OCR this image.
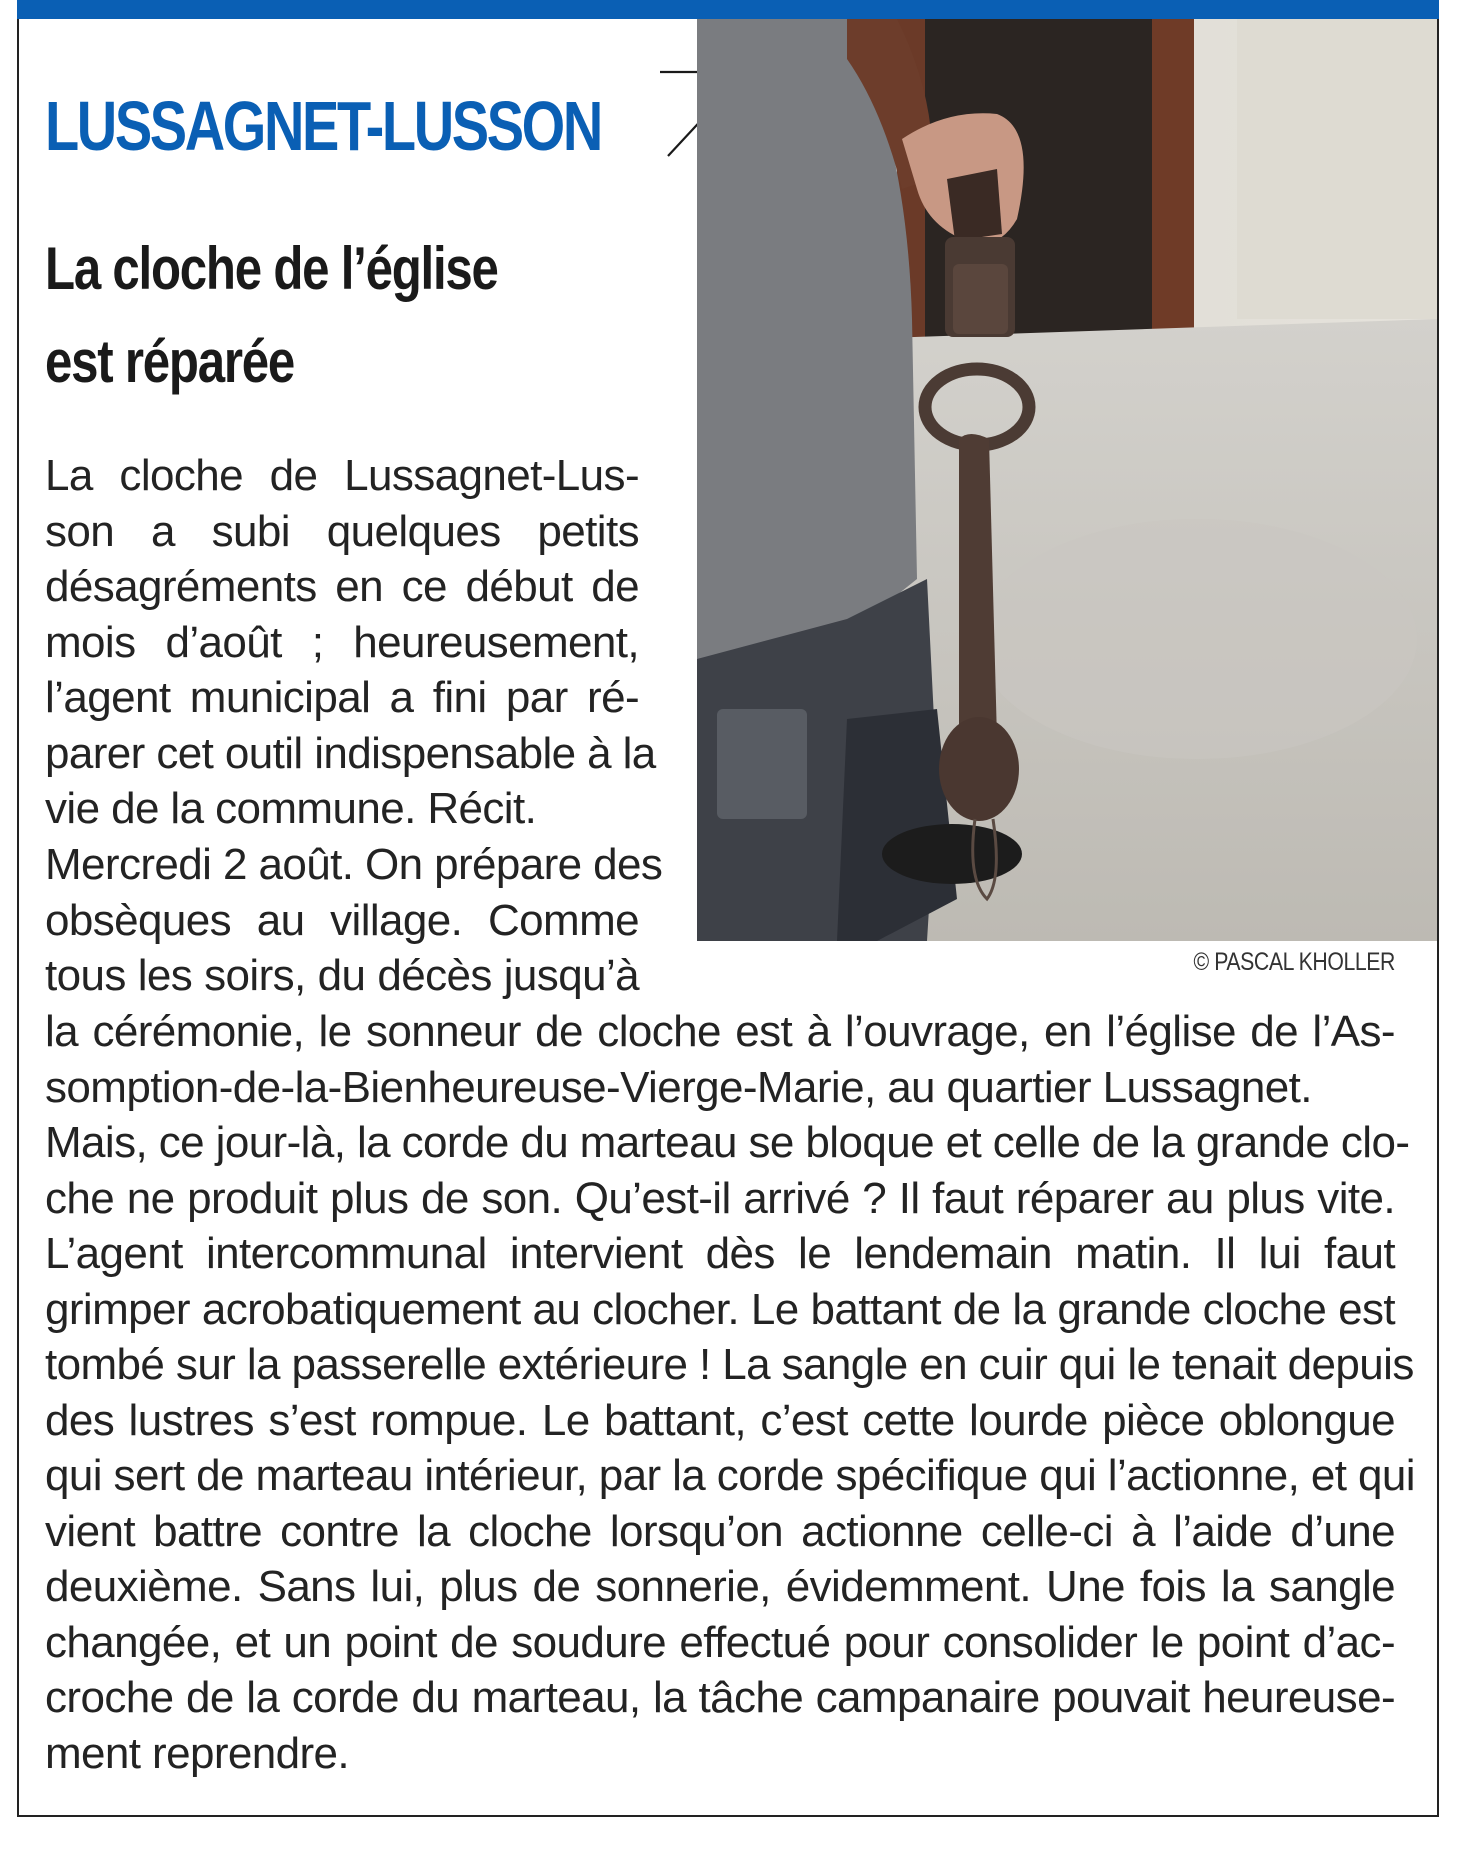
LUSSAGNET-LUSSON
La cloche de l’église
est réparée

© PASCAL KHOLLER

La cloche de Lussagnet-Lus-
son a subi quelques petits
désagréments en ce début de
mois d’août ; heureusement,
l’agent municipal a fini par ré-
parer cet outil indispensable à la
vie de la commune. Récit.

Mercredi 2 août. On prépare des
obsèques au village. Comme
tous les soirs, du décès jusqu’à

la cérémonie, le sonneur de cloche est à l’ouvrage, en l’église de l’As-
somption-de-la-Bienheureuse-Vierge-Marie, au quartier Lussagnet.
Mais, ce jour-là, la corde du marteau se bloque et celle de la grande clo-
che ne produit plus de son. Qu’est-il arrivé ? Il faut réparer au plus vite.
L’agent intercommunal intervient dès le lendemain matin. Il lui faut
grimper acrobatiquement au clocher. Le battant de la grande cloche est
tombé sur la passerelle extérieure ! La sangle en cuir qui le tenait depuis
des lustres s’est rompue. Le battant, c’est cette lourde pièce oblongue
qui sert de marteau intérieur, par la corde spécifique qui l’actionne, et qui
vient battre contre la cloche lorsqu’on actionne celle-ci à l’aide d’une
deuxième. Sans lui, plus de sonnerie, évidemment. Une fois la sangle
changée, et un point de soudure effectué pour consolider le point d’ac-
croche de la corde du marteau, la tâche campanaire pouvait heureuse-
ment reprendre.
